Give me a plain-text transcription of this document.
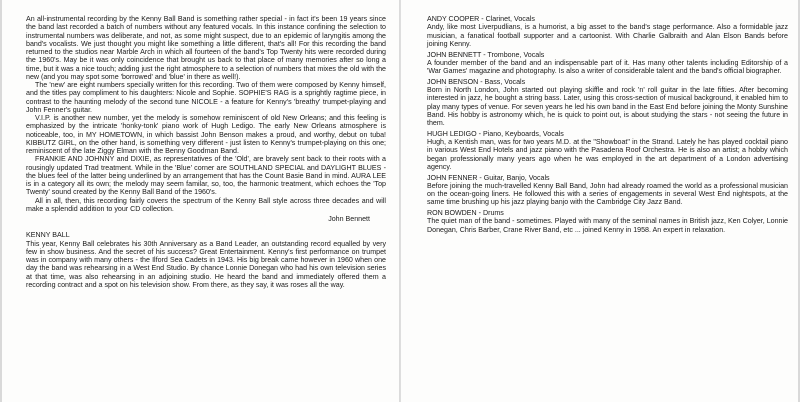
An all-instrumental recording by the Kenny Ball Band is something rather special - in fact it's been 19 years since the band last recorded a batch of numbers without any featured vocals. In this instance confining the selection to instrumental numbers was deliberate, and not, as some might suspect, due to an epidemic of laryngitis among the band's vocalists. We just thought you might like something a little different, that's all! For this recording the band returned to the studios near Marble Arch in which all fourteen of the band's Top Twenty hits were recorded during the 1960's. May be it was only coincidence that brought us back to that place of many memories after so long a time, but it was a nice touch; adding just the right atmosphere to a selection of numbers that mixes the old with the new (and you may spot some 'borrowed' and 'blue' in there as well!).

The 'new' are eight numbers specially written for this recording. Two of them were composed by Kenny himself, and the titles pay compliment to his daughters: Nicole and Sophie. SOPHIE'S RAG is a sprightly ragtime piece, in contrast to the haunting melody of the second tune NICOLE - a feature for Kenny's 'breathy' trumpet-playing and John Fenner's guitar.

V.I.P. is another new number, yet the melody is somehow reminiscent of old New Orleans; and this feeling is emphasized by the intricate 'honky-tonk' piano work of Hugh Ledigo. The early New Orleans atmosphere is noticeable, too, in MY HOMETOWN, in which bassist John Benson makes a proud, and worthy, debut on tuba! KIBBUTZ GIRL, on the other hand, is something very different - just listen to Kenny's trumpet-playing on this one; reminiscent of the late Ziggy Elman with the Benny Goodman Band.

FRANKIE AND JOHNNY and DIXIE, as representatives of the 'Old', are bravely sent back to their roots with a rousingly updated Trad treatment. While in the 'Blue' corner are SOUTHLAND SPECIAL and DAYLIGHT BLUES - the blues feel of the latter being underlined by an arrangement that has the Count Basie Band in mind. AURA LEE is in a category all its own; the melody may seem familar, so, too, the harmonic treatment, which echoes the 'Top Twenty' sound created by the Kenny Ball Band of the 1960's.

All in all, then, this recording fairly covers the spectrum of the Kenny Ball style across three decades and will make a splendid addition to your CD collection.

John Bennett

KENNY BALL

This year, Kenny Ball celebrates his 30th Anniversary as a Band Leader, an outstanding record equalled by very few in show business. And the secret of his success? Great Entertainment. Kenny's first performance on trumpet was in company with many others - the Ilford Sea Cadets in 1943. His big break came however in 1960 when one day the band was rehearsing in a West End Studio. By chance Lonnie Donegan who had his own television series at that time, was also rehearsing in an adjoining studio. He heard the band and immediately offered them a recording contract and a spot on his television show. From there, as they say, it was roses all the way.

ANDY COOPER - Clarinet, Vocals

Andy, like most Liverpudlians, is a humorist, a big asset to the band's stage performance. Also a formidable jazz musician, a fanatical football supporter and a cartoonist. With Charlie Galbraith and Alan Elson Bands before joining Kenny.

JOHN BENNETT - Trombone, Vocals

A founder member of the band and an indispensable part of it. Has many other talents including Editorship of a 'War Games' magazine and photography. Is also a writer of considerable talent and the band's official biographer.

JOHN BENSON - Bass, Vocals

Born in North London, John started out playing skiffle and rock 'n' roll guitar in the late fifties. After becoming interested in jazz, he bought a string bass. Later, using this cross-section of musical background, it enabled him to play many types of venue. For seven years he led his own band in the East End before joining the Monty Sunshine Band. His hobby is astronomy which, he is quick to point out, is about studying the stars - not seeing the future in them.

HUGH LEDIGO - Piano, Keyboards, Vocals

Hugh, a Kentish man, was for two years M.D. at the "Showboat" in the Strand. Lately he has played cocktail piano in various West End Hotels and jazz piano with the Pasadena Roof Orchestra. He is also an artist; a hobby which began professionally many years ago when he was employed in the art department of a London advertising agency.

JOHN FENNER - Guitar, Banjo, Vocals

Before joining the much-travelled Kenny Ball Band, John had already roamed the world as a professional musician on the ocean-going liners. He followed this with a series of engagements in several West End nightspots, at the same time brushing up his jazz playing banjo with the Cambridge City Jazz Band.

RON BOWDEN - Drums

The quiet man of the band - sometimes. Played with many of the seminal names in British jazz, Ken Colyer, Lonnie Donegan, Chris Barber, Crane River Band, etc ... joined Kenny in 1958. An expert in relaxation.
